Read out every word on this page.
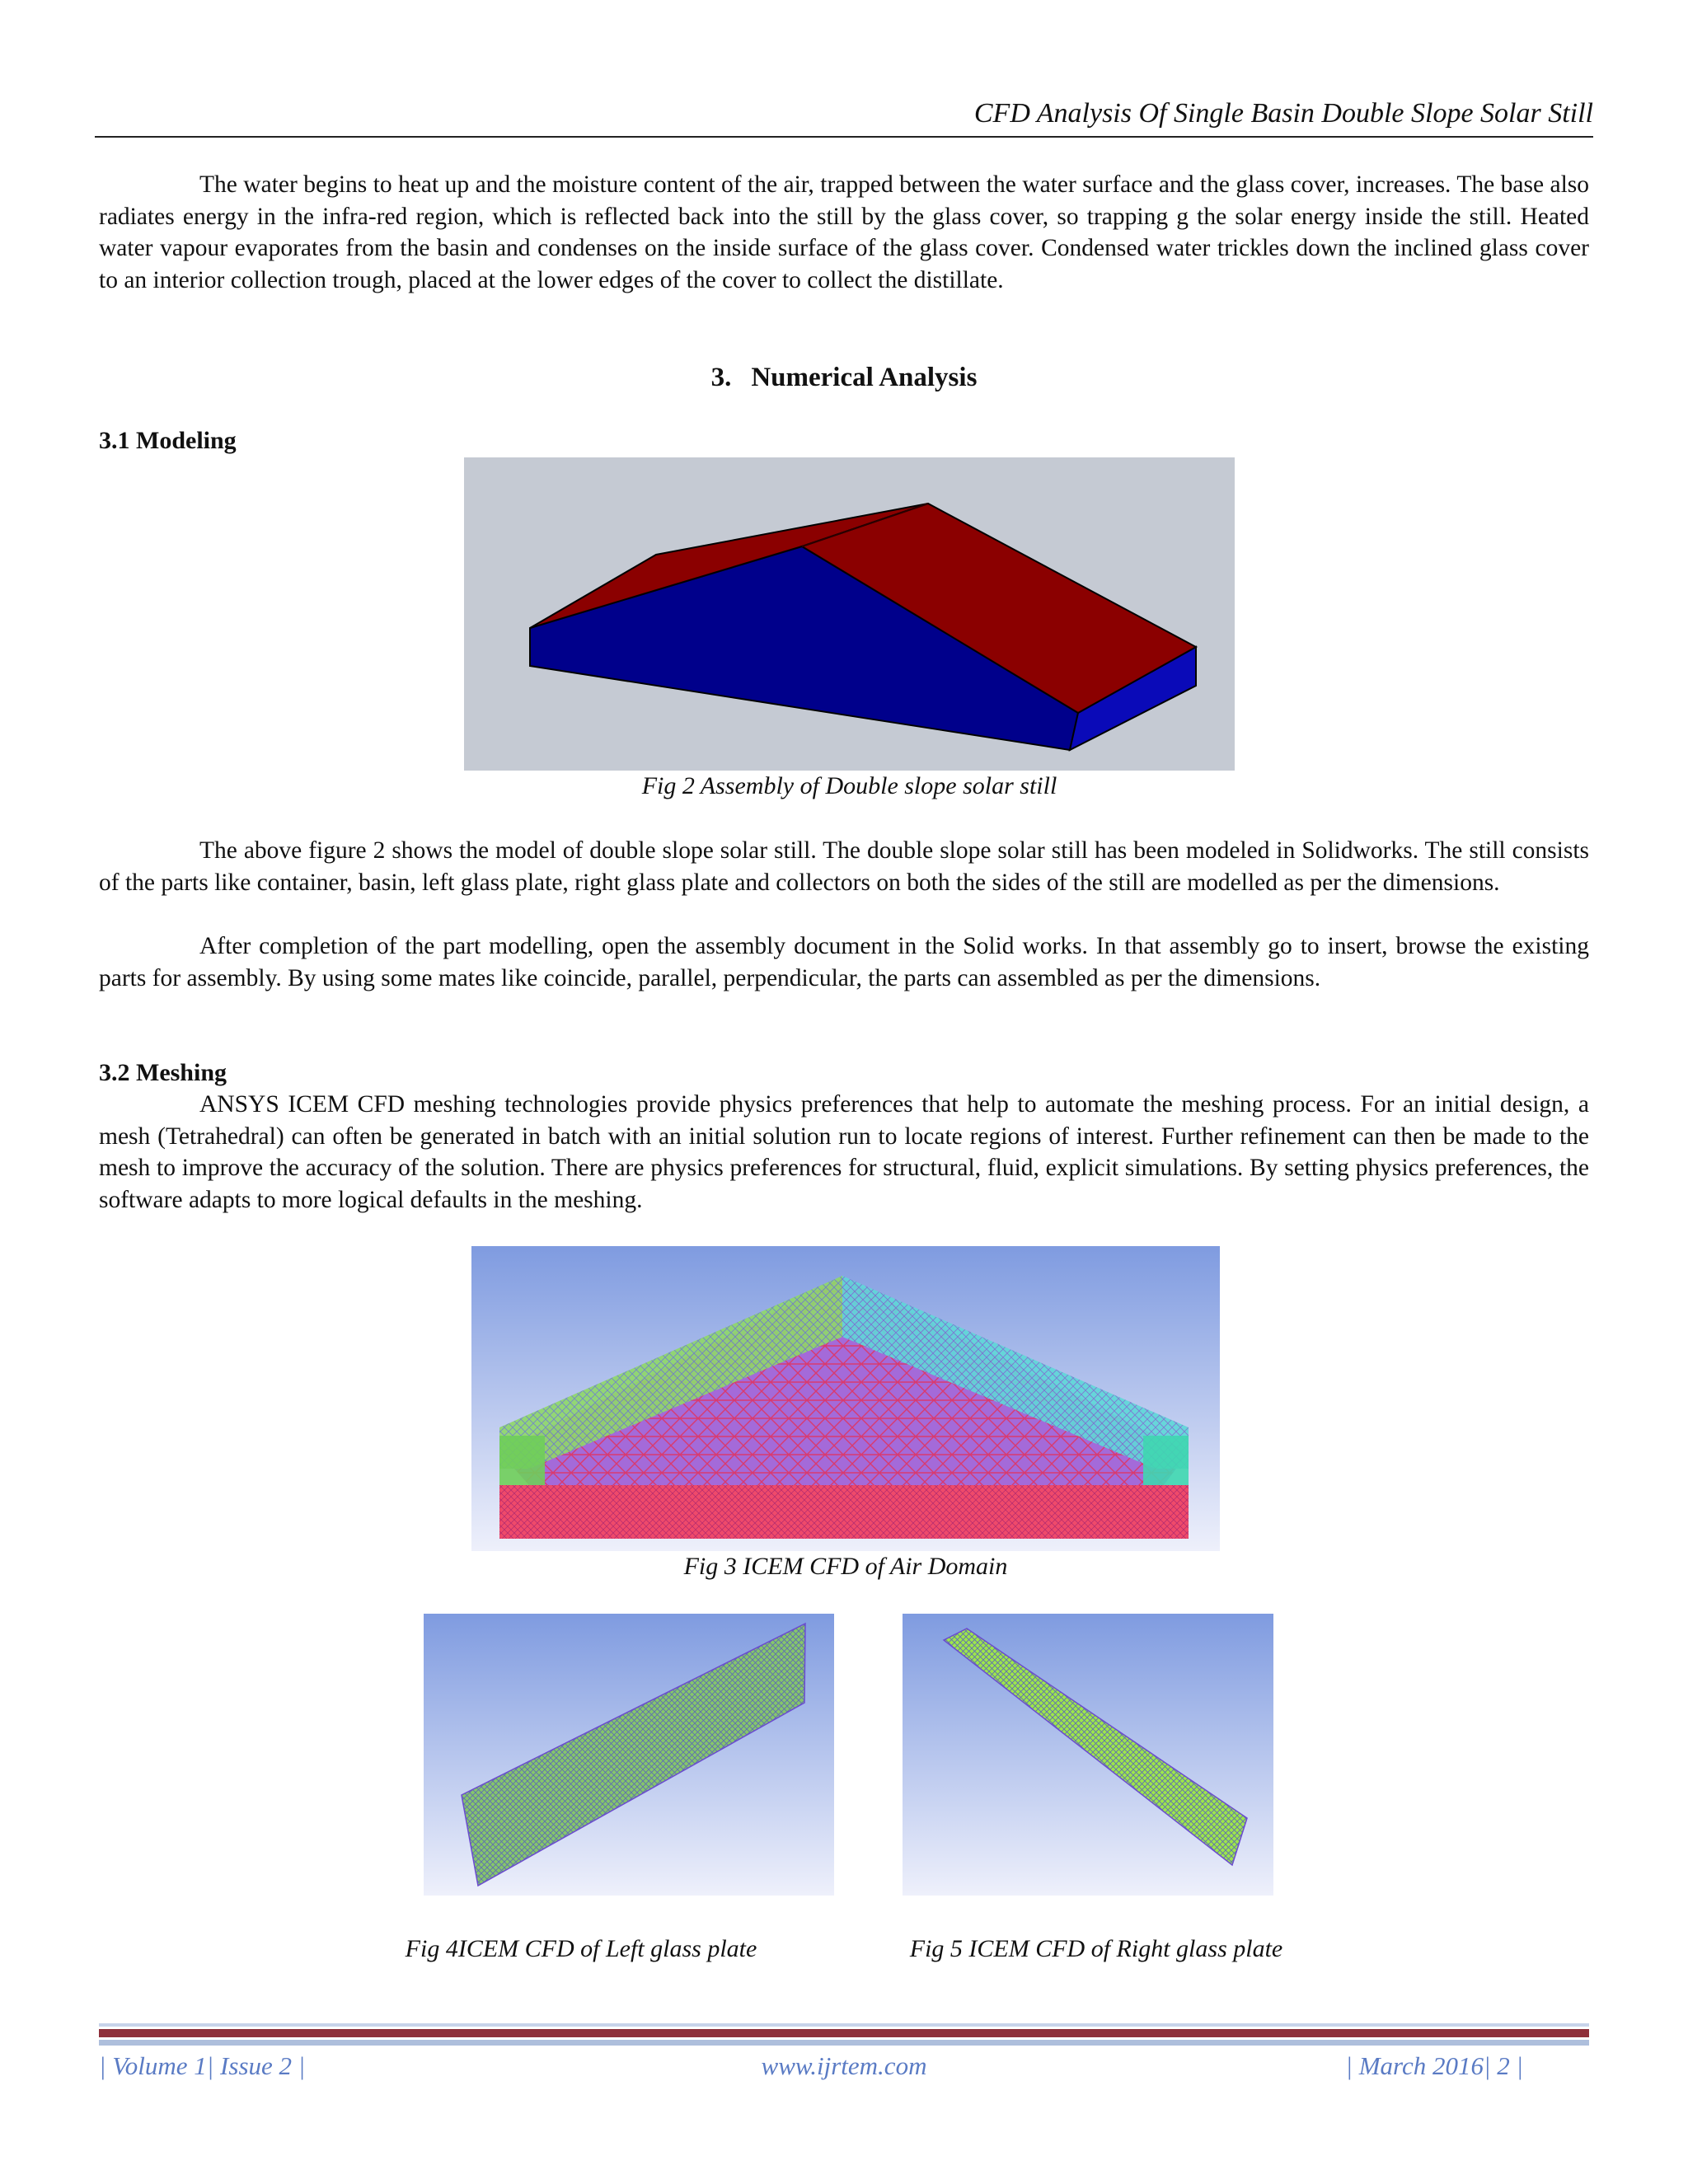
CFD Analysis Of Single Basin Double Slope Solar Still

The water begins to heat up and the moisture content of the air, trapped between the water surface and the glass cover, increases. The base also radiates energy in the infra-red region, which is reflected back into the still by the glass cover, so trapping g the solar energy inside the still. Heated water vapour evaporates from the basin and condenses on the inside surface of the glass cover. Condensed water trickles down the inclined glass cover to an interior collection trough, placed at the lower edges of the cover to collect the distillate.

3. Numerical Analysis
3.1 Modeling
Fig 2 Assembly of Double slope solar still

The above figure 2 shows the model of double slope solar still. The double slope solar still has been modeled in Solidworks. The still consists of the parts like container, basin, left glass plate, right glass plate and collectors on both the sides of the still are modelled as per the dimensions.

After completion of the part modelling, open the assembly document in the Solid works. In that assembly go to insert, browse the existing parts for assembly. By using some mates like coincide, parallel, perpendicular, the parts can assembled as per the dimensions.

3.2 Meshing

ANSYS ICEM CFD meshing technologies provide physics preferences that help to automate the meshing process. For an initial design, a mesh (Tetrahedral) can often be generated in batch with an initial solution run to locate regions of interest. Further refinement can then be made to the mesh to improve the accuracy of the solution. There are physics preferences for structural, fluid, explicit simulations. By setting physics preferences, the software adapts to more logical defaults in the meshing.

Fig 3 ICEM CFD of Air Domain
Fig 4ICEM CFD of Left glass plate	Fig 5 ICEM CFD of Right glass plate
| Volume 1| Issue 2 |	www.ijrtem.com	| March 2016| 2 |
